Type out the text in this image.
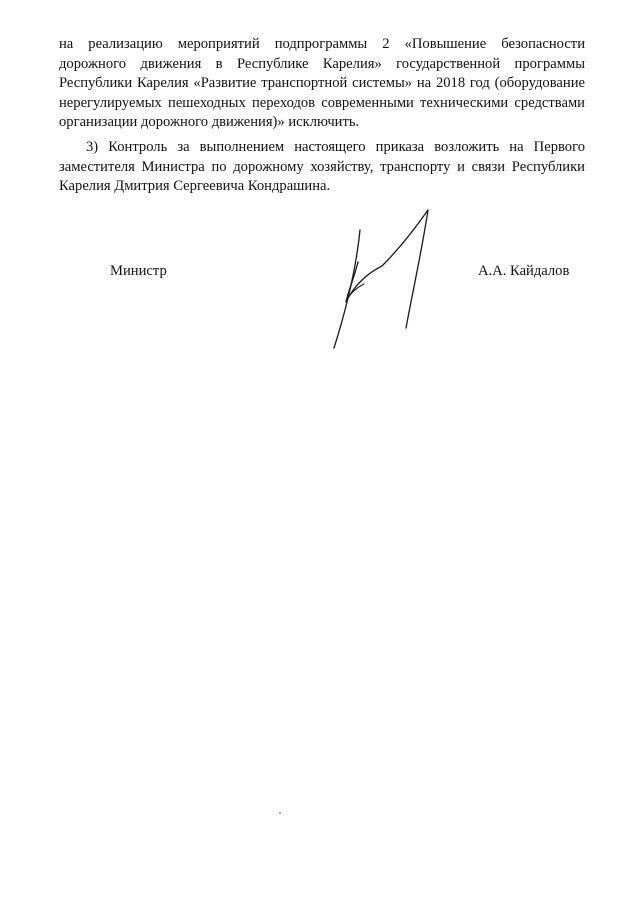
на реализацию мероприятий подпрограммы 2 «Повышение безопасности дорожного движения в Республике Карелия» государственной программы Республики Карелия «Развитие транспортной системы» на 2018 год (оборудование нерегулируемых пешеходных переходов современными техническими средствами организации дорожного движения)» исключить.

3) Контроль за выполнением настоящего приказа возложить на Первого заместителя Министра по дорожному хозяйству, транспорту и связи Республики Карелия Дмитрия Сергеевича Кондрашина.

Министр	А.А. Кайдалов
